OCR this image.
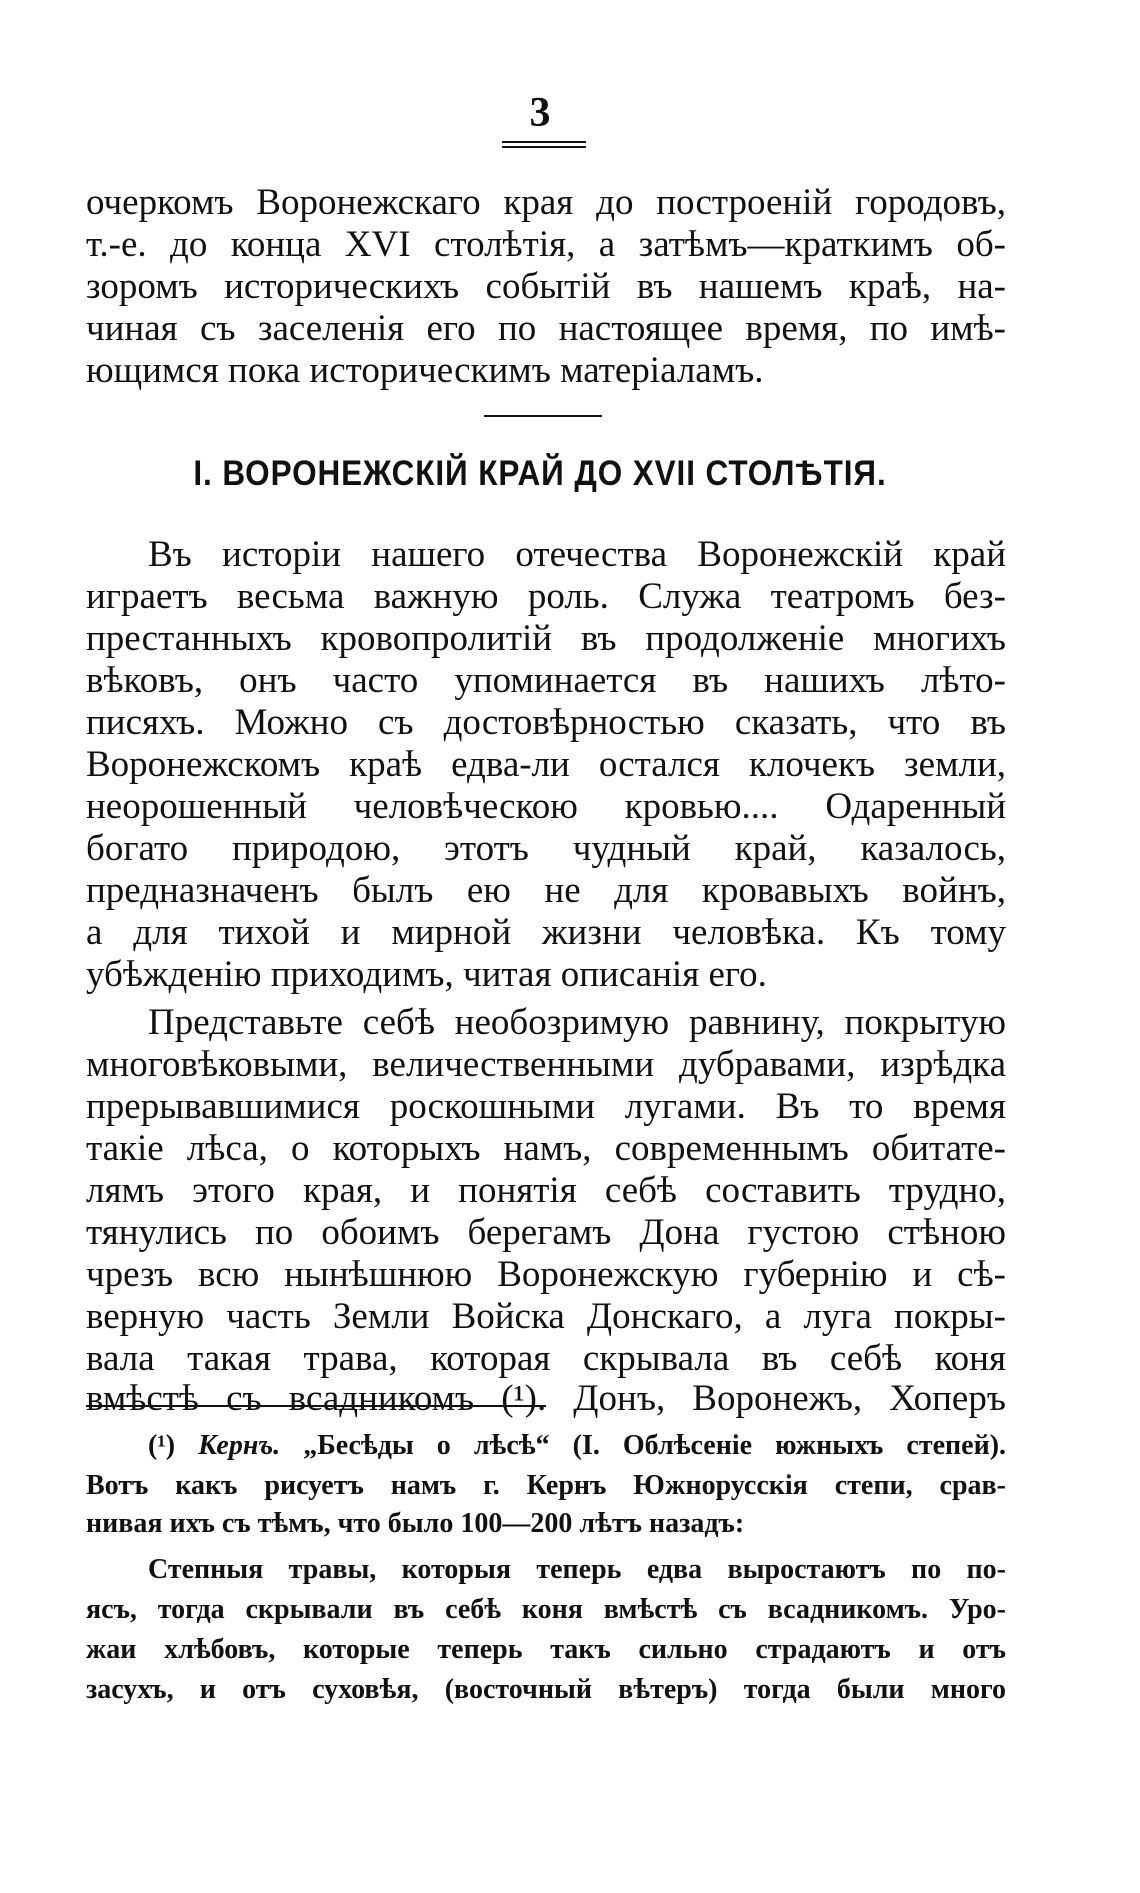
3
очеркомъ Воронежскаго края до построеній городовъ,
т.-е. до конца XVI столѣтія, а затѣмъ—краткимъ об-
зоромъ историческихъ событій въ нашемъ краѣ, на-
чиная съ заселенія его по настоящее время, по имѣ-
ющимся пока историческимъ матеріаламъ.
I. ВОРОНЕЖСКІЙ КРАЙ ДО XVII СТОЛѢТІЯ.
Въ исторіи нашего отечества Воронежскій край
играетъ весьма важную роль. Служа театромъ без-
престанныхъ кровопролитій въ продолженіе многихъ
вѣковъ, онъ часто упоминается въ нашихъ лѣто-
писяхъ. Можно съ достовѣрностью сказать, что въ
Воронежскомъ краѣ едва-ли остался клочекъ земли,
неорошенный человѣческою кровью.... Одаренный
богато природою, этотъ чудный край, казалось,
предназначенъ былъ ею не для кровавыхъ войнъ,
а для тихой и мирной жизни человѣка. Къ тому
убѣжденію приходимъ, читая описанія его.
Представьте себѣ необозримую равнину, покрытую
многовѣковыми, величественными дубравами, изрѣдка
прерывавшимися роскошными лугами. Въ то время
такіе лѣса, о которыхъ намъ, современнымъ обитате-
лямъ этого края, и понятія себѣ составить трудно,
тянулись по обоимъ берегамъ Дона густою стѣною
чрезъ всю нынѣшнюю Воронежскую губернію и сѣ-
верную часть Земли Войска Донскаго, а луга покры-
вала такая трава, которая скрывала въ себѣ коня
вмѣстѣ съ всадникомъ (¹). Донъ, Воронежъ, Хоперъ
(¹) Кернъ. „Бесѣды о лѣсѣ“ (I. Облѣсеніе южныхъ степей).
Вотъ какъ рисуетъ намъ г. Кернъ Южнорусскія степи, срав-
нивая ихъ съ тѣмъ, что было 100—200 лѣтъ назадъ:
Степныя травы, которыя теперь едва выростаютъ по по-
ясъ, тогда скрывали въ себѣ коня вмѣстѣ съ всадникомъ. Уро-
жаи хлѣбовъ, которые теперь такъ сильно страдаютъ и отъ
засухъ, и отъ суховѣя, (восточный вѣтеръ) тогда были много
